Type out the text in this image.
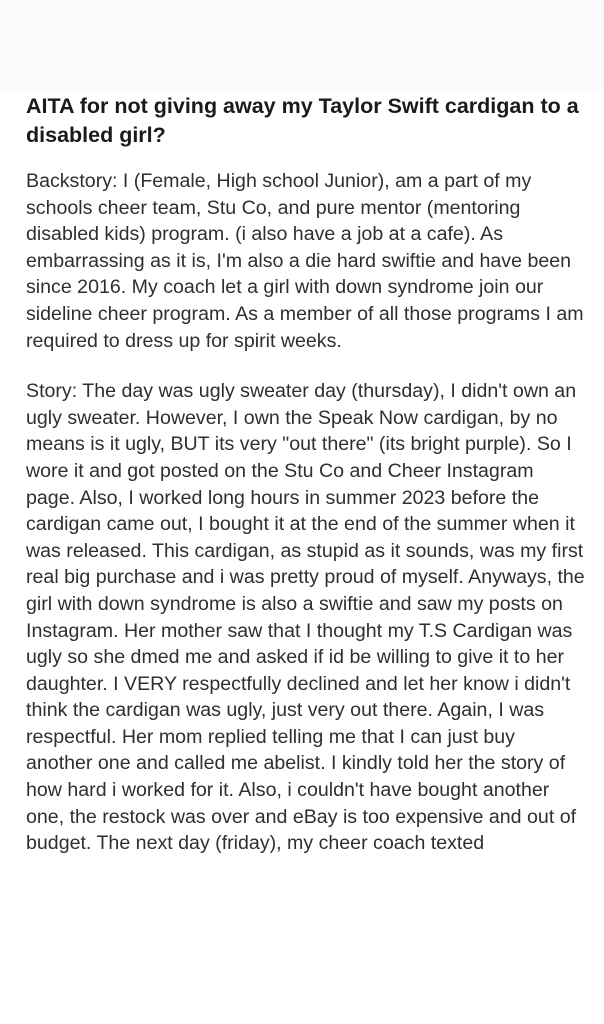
AITA for not giving away my Taylor Swift cardigan to a disabled girl?

Backstory: I (Female, High school Junior), am a part of my schools cheer team, Stu Co, and pure mentor (mentoring disabled kids) program. (i also have a job at a cafe). As embarrassing as it is, I'm also a die hard swiftie and have been since 2016. My coach let a girl with down syndrome join our sideline cheer program. As a member of all those programs I am required to dress up for spirit weeks.

Story: The day was ugly sweater day (thursday), I didn't own an ugly sweater. However, I own the Speak Now cardigan, by no means is it ugly, BUT its very "out there" (its bright purple). So I wore it and got posted on the Stu Co and Cheer Instagram page. Also, I worked long hours in summer 2023 before the cardigan came out, I bought it at the end of the summer when it was released. This cardigan, as stupid as it sounds, was my first real big purchase and i was pretty proud of myself. Anyways, the girl with down syndrome is also a swiftie and saw my posts on Instagram. Her mother saw that I thought my T.S Cardigan was ugly so she dmed me and asked if id be willing to give it to her daughter. I VERY respectfully declined and let her know i didn't think the cardigan was ugly, just very out there. Again, I was respectful. Her mom replied telling me that I can just buy another one and called me abelist. I kindly told her the story of how hard i worked for it. Also, i couldn't have bought another one, the restock was over and eBay is too expensive and out of budget. The next day (friday), my cheer coach texted
